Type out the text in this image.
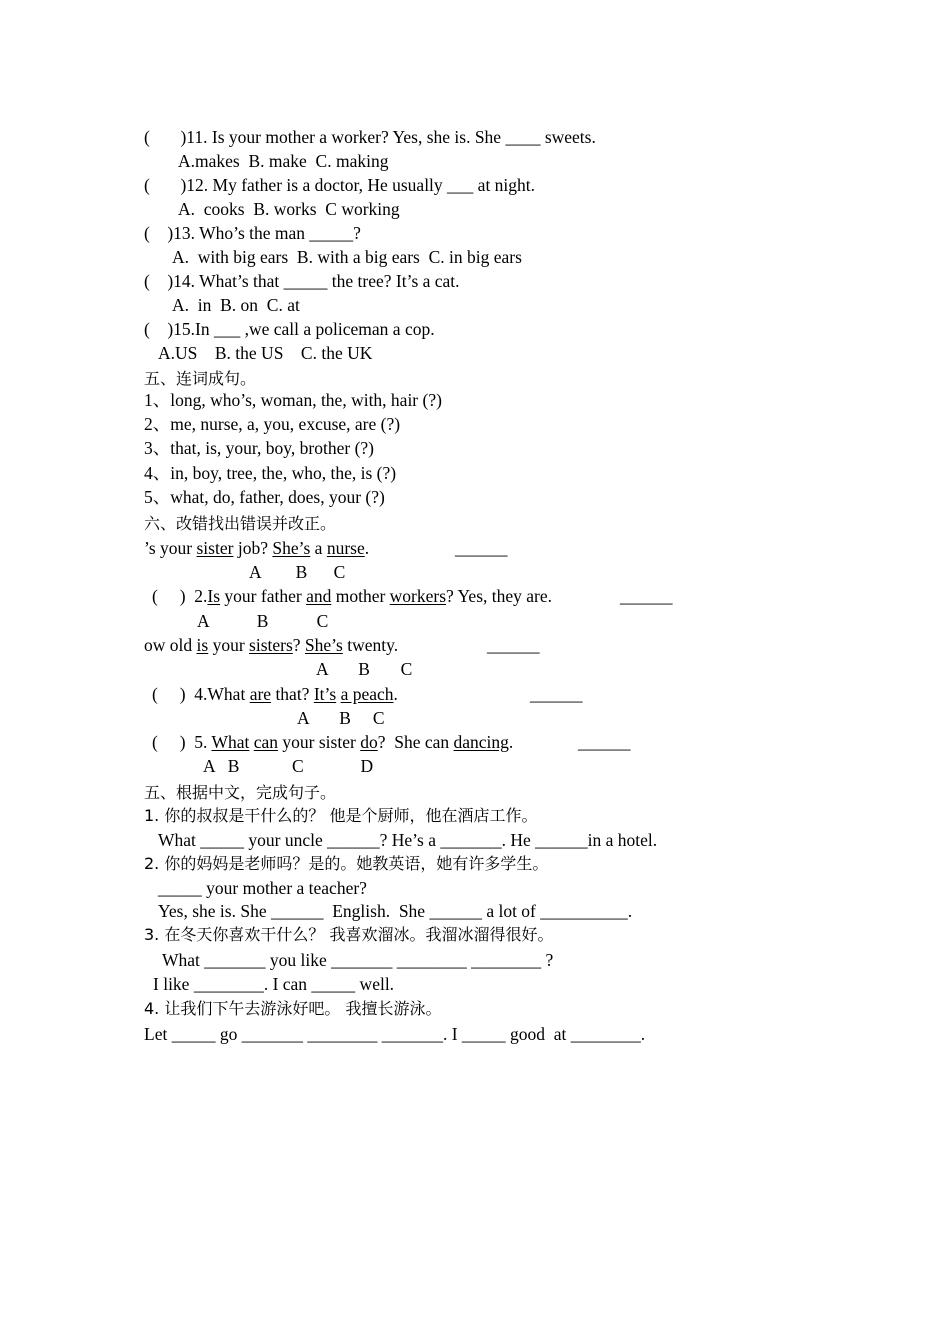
(       )11. Is your mother a worker? Yes, she is. She ____ sweets.
A.makes  B. make  C. making
(       )12. My father is a doctor, He usually ___ at night.
A.  cooks  B. works  C working
(    )13. Who’s the man _____?
A.  with big ears  B. with a big ears  C. in big ears
(    )14. What’s that _____ the tree? It’s a cat.
A.  in  B. on  C. at
(    )15.In ___ ,we call a policeman a cop.
A.US    B. the US    C. the UK
五、连词成句。
1、long, who’s, woman, the, with, hair (?)
2、me, nurse, a, you, excuse, are (?)
3、that, is, your, boy, brother (?)
4、in, boy, tree, the, who, the, is (?)
5、what, do, father, does, your (?)
六、改错找出错误并改正。
’s your sister job? She’s a nurse.	______
A        B      C
(     )  2.Is your father and mother workers? Yes, they are.	______
A           B           C
ow old is your sisters? She’s twenty.	______
A       B       C
(     )  4.What are that? It’s a peach.	______
A       B     C
(     )  5. What can your sister do?  She can dancing.	______
A   B            C             D
五、根据中文，完成句子。
1. 你的叔叔是干什么的？ 他是个厨师，他在酒店工作。
What _____ your uncle ______? He’s a _______. He ______in a hotel.
2. 你的妈妈是老师吗？是的。她教英语，她有许多学生。
_____ your mother a teacher?
Yes, she is. She ______  English.  She ______ a lot of __________.
3. 在冬天你喜欢干什么？ 我喜欢溜冰。我溜冰溜得很好。
What _______ you like _______ ________ ________ ?
I like ________. I can _____ well.
4. 让我们下午去游泳好吧。 我擅长游泳。
Let _____ go _______ ________ _______. I _____ good  at ________.
